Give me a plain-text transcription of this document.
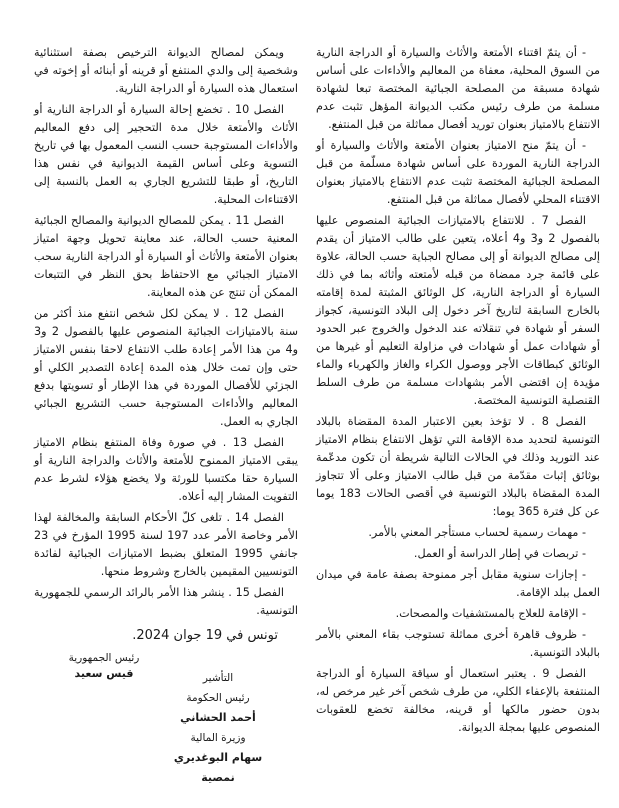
- أن يتمّ اقتناء الأمتعة والأثاث والسيارة أو الدراجة النارية من السوق المحلية، معفاة من المعاليم والأداءات على أساس شهادة مسبقة من المصلحة الجبائية المختصة تبعا لشهادة مسلمة من طرف رئيس مكتب الديوانة المؤهل تثبت عدم الانتفاع بالامتياز بعنوان توريد أفصال مماثلة من قبل المنتفع.

- أن يتمّ منح الامتياز بعنوان الأمتعة والأثاث والسيارة أو الدراجة النارية الموردة على أساس شهادة مسلّمة من قبل المصلحة الجبائية المختصة تثبت عدم الانتفاع بالامتياز بعنوان الاقتناء المحلي لأفصال مماثلة من قبل المنتفع.

الفصل 7 . للانتفاع بالامتيازات الجبائية المنصوص عليها بالفصول 2 و3 و4 أعلاه، يتعين على طالب الامتياز أن يقدم إلى مصالح الديوانة أو إلى مصالح الجباية حسب الحالة، علاوة على قائمة جرد ممضاة من قبله لأمتعته وأثاثه بما في ذلك السيارة أو الدراجة النارية، كل الوثائق المثبتة لمدة إقامته بالخارج السابقة لتاريخ آخر دخول إلى البلاد التونسية، كجواز السفر أو شهادة في تنقلاته عند الدخول والخروج عبر الحدود أو شهادات عمل أو شهادات في مزاولة التعليم أو غيرها من الوثائق كبطاقات الأجر ووصول الكراء والغاز والكهرباء والماء مؤيدة إن اقتضى الأمر بشهادات مسلمة من طرف السلط القنصلية التونسية المختصة.

الفصل 8 . لا تؤخذ بعين الاعتبار المدة المقضاة بالبلاد التونسية لتحديد مدة الإقامة التي تؤهل الانتفاع بنظام الامتياز عند التوريد وذلك في الحالات التالية شريطة أن تكون مدعّمة بوثائق إثبات مقدّمة من قبل طالب الامتياز وعلى ألا تتجاوز المدة المقضاة بالبلاد التونسية في أقصى الحالات 183 يوما عن كل فترة 365 يوما:

- مهمات رسمية لحساب مستأجر المعني بالأمر.

- تربصات في إطار الدراسة أو العمل.

- إجازات سنوية مقابل أجر ممنوحة بصفة عامة في ميدان العمل ببلد الإقامة.

- الإقامة للعلاج بالمستشفيات والمصحات.

- ظروف قاهرة أخرى مماثلة تستوجب بقاء المعني بالأمر بالبلاد التونسية.

الفصل 9 . يعتبر استعمال أو سياقة السيارة أو الدراجة المنتفعة بالإعفاء الكلي، من طرف شخص آخر غير مرخص له، بدون حضور مالكها أو قرينه، مخالفة تخضع للعقوبات المنصوص عليها بمجلة الديوانة.

ويمكن لمصالح الديوانة الترخيص بصفة استثنائية وشخصية إلى والدي المنتفع أو قرينه أو أبنائه أو إخوته في استعمال هذه السيارة أو الدراجة النارية.

الفصل 10 . تخضع إحالة السيارة أو الدراجة النارية أو الأثاث والأمتعة خلال مدة التحجير إلى دفع المعاليم والأداءات المستوجبة حسب النسب المعمول بها في تاريخ التسوية وعلى أساس القيمة الديوانية في نفس هذا التاريخ، أو طبقا للتشريع الجاري به العمل بالنسبة إلى الاقتناءات المحلية.

الفصل 11 . يمكن للمصالح الديوانية والمصالح الجبائية المعنية حسب الحالة، عند معاينة تحويل وجهة امتياز بعنوان الأمتعة والأثاث أو السيارة أو الدراجة النارية سحب الامتياز الجبائي مع الاحتفاظ بحق النظر في التتبعات الممكن أن تنتج عن هذه المعاينة.

الفصل 12 . لا يمكن لكل شخص انتفع منذ أكثر من سنة بالامتيازات الجبائية المنصوص عليها بالفصول 2 و3 و4 من هذا الأمر إعادة طلب الانتفاع لاحقا بنفس الامتياز حتى وإن تمت خلال هذه المدة إعادة التصدير الكلي أو الجزئي للأفصال الموردة في هذا الإطار أو تسويتها بدفع المعاليم والأداءات المستوجبة حسب التشريع الجبائي الجاري به العمل.

الفصل 13 . في صورة وفاة المنتفع بنظام الامتياز يبقى الامتياز الممنوح للأمتعة والأثاث والدراجة النارية أو السيارة حقا مكتسبا للورثة ولا يخضع هؤلاء لشرط عدم التفويت المشار إليه أعلاه.

الفصل 14 . تلغى كلّ الأحكام السابقة والمخالفة لهذا الأمر وخاصة الأمر عدد 197 لسنة 1995 المؤرخ في 23 جانفي 1995 المتعلق بضبط الامتيازات الجبائية لفائدة التونسيين المقيمين بالخارج وشروط منحها.

الفصل 15 . ينشر هذا الأمر بالرائد الرسمي للجمهورية التونسية.

تونس في 19 جوان 2024.
رئيس الجمهورية
قيس سعيد	التأشير
رئيس الحكومة
أحمد الحشاني
وزيرة المالية
سهام البوغديري نمصية
